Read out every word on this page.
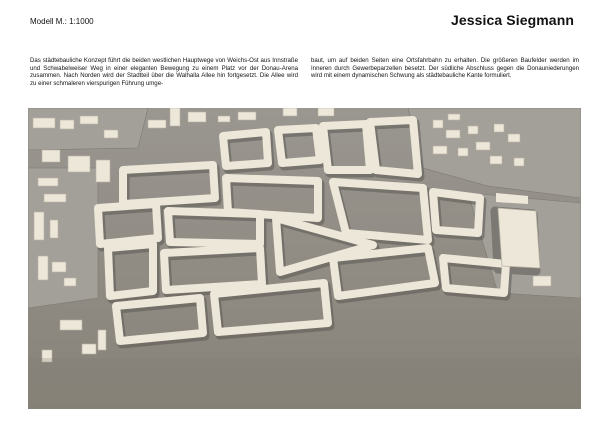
Modell M.: 1:1000	Jessica Siegmann
Das städtebauliche Konzept führt die beiden westlichen Hauptwege von Weichs-Ost aus Innstraße und Schwabelweiser Weg in einer eleganten Bewegung zu einem Platz vor der Donau-Arena zusammen. Nach Norden wird der Stadtteil über die Walhalla Allee hin fortgesetzt. Die Allee wird zu einer schmaleren vierspurigen Führung umge-
baut, um auf beiden Seiten eine Ortsfahrbahn zu erhalten. Die größeren Baufelder werden im Inneren durch Gewerbeparzellen besetzt. Der südliche Abschluss gegen die Donauniederungen wird mit einem dynamischen Schwung als städtebauliche Kante formuliert.
